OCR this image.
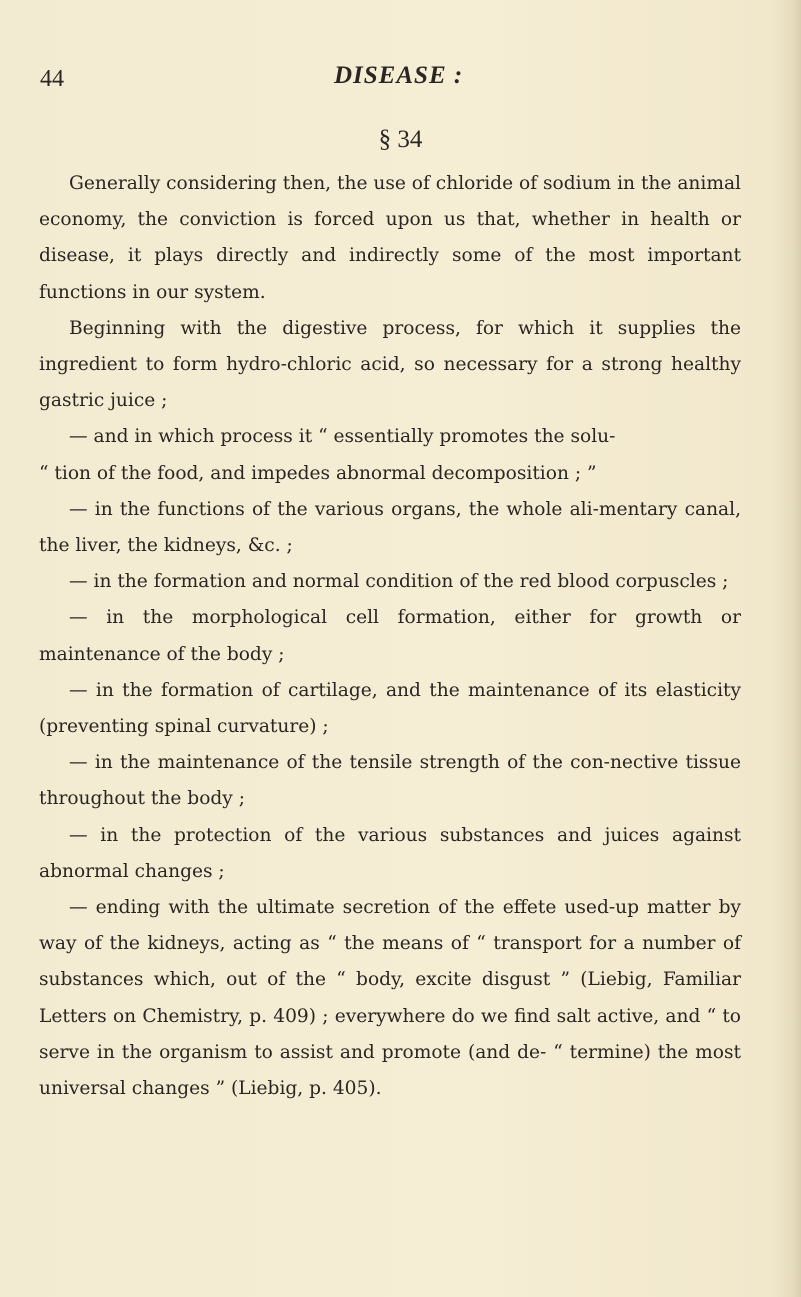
44	DISEASE :
§ 34

Generally considering then, the use of chloride of sodium in the animal economy, the conviction is forced upon us that, whether in health or disease, it plays directly and indirectly some of the most important functions in our system.

Beginning with the digestive process, for which it supplies the ingredient to form hydro-chloric acid, so necessary for a strong healthy gastric juice ;

— and in which process it “ essentially promotes the solu-

“ tion of the food, and impedes abnormal decomposition ; ”

— in the functions of the various organs, the whole ali-mentary canal, the liver, the kidneys, &c. ;

— in the formation and normal condition of the red blood corpuscles ;

— in the morphological cell formation, either for growth or maintenance of the body ;

— in the formation of cartilage, and the maintenance of its elasticity (preventing spinal curvature) ;

— in the maintenance of the tensile strength of the con-nective tissue throughout the body ;

— in the protection of the various substances and juices against abnormal changes ;

— ending with the ultimate secretion of the effete used-up matter by way of the kidneys, acting as “ the means of “ transport for a number of substances which, out of the “ body, excite disgust ” (Liebig, Familiar Letters on Chemistry, p. 409) ; everywhere do we find salt active, and “ to serve in the organism to assist and promote (and de- “ termine) the most universal changes ” (Liebig, p. 405).
